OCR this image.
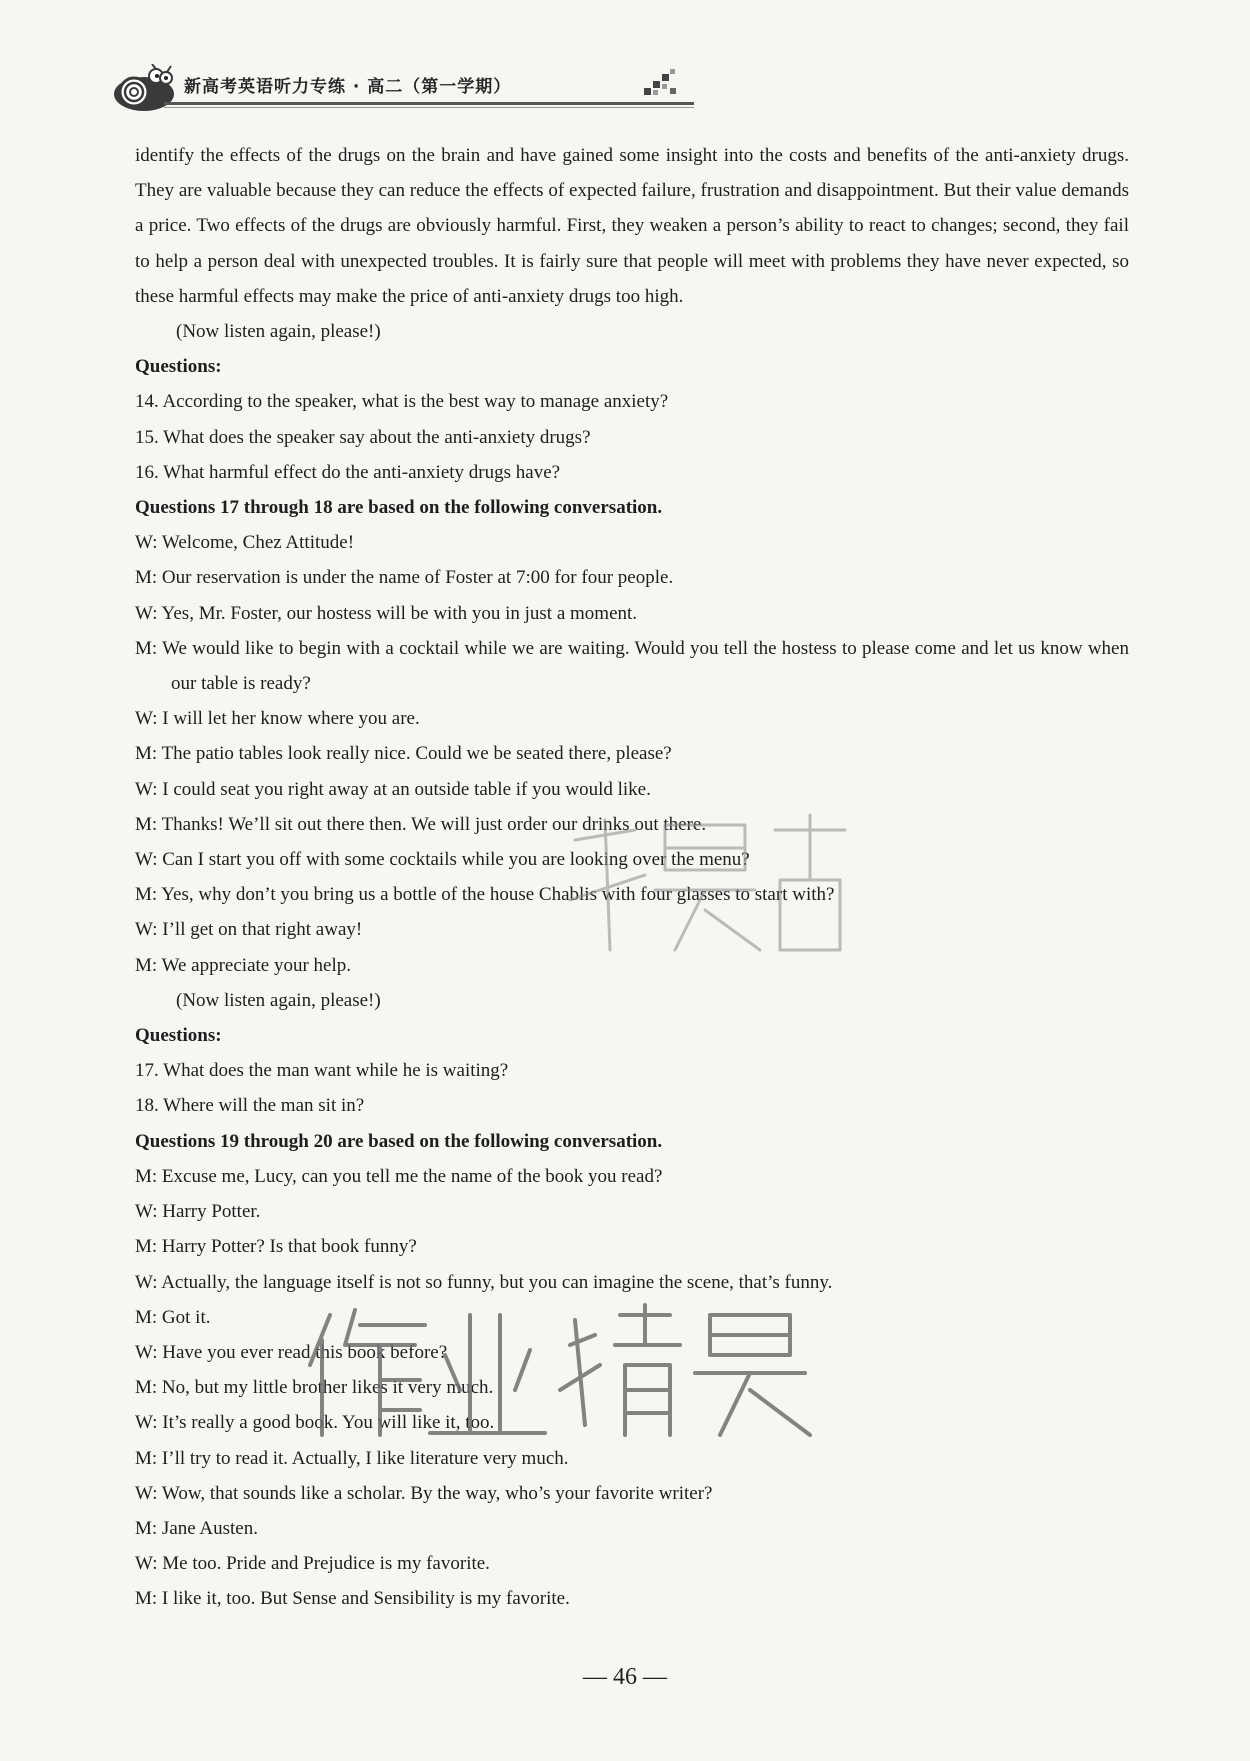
新高考英语听力专练 · 高二（第一学期）

identify the effects of the drugs on the brain and have gained some insight into the costs and benefits of the anti-anxiety drugs. They are valuable because they can reduce the effects of expected failure, frustration and disappointment. But their value demands a price. Two effects of the drugs are obviously harmful. First, they weaken a person’s ability to react to changes; second, they fail to help a person deal with unexpected troubles. It is fairly sure that people will meet with problems they have never expected, so these harmful effects may make the price of anti-anxiety drugs too high.

(Now listen again, please!)

Questions:

14. According to the speaker, what is the best way to manage anxiety?

15. What does the speaker say about the anti-anxiety drugs?

16. What harmful effect do the anti-anxiety drugs have?

Questions 17 through 18 are based on the following conversation.

W: Welcome, Chez Attitude!

M: Our reservation is under the name of Foster at 7:00 for four people.

W: Yes, Mr. Foster, our hostess will be with you in just a moment.

M: We would like to begin with a cocktail while we are waiting. Would you tell the hostess to please come and let us know when our table is ready?

W: I will let her know where you are.

M: The patio tables look really nice. Could we be seated there, please?

W: I could seat you right away at an outside table if you would like.

M: Thanks! We’ll sit out there then. We will just order our drinks out there.

W: Can I start you off with some cocktails while you are looking over the menu?

M: Yes, why don’t you bring us a bottle of the house Chablis with four glasses to start with?

W: I’ll get on that right away!

M: We appreciate your help.

(Now listen again, please!)

Questions:

17. What does the man want while he is waiting?

18. Where will the man sit in?

Questions 19 through 20 are based on the following conversation.

M: Excuse me, Lucy, can you tell me the name of the book you read?

W: Harry Potter.

M: Harry Potter? Is that book funny?

W: Actually, the language itself is not so funny, but you can imagine the scene, that’s funny.

M: Got it.

W: Have you ever read this book before?

M: No, but my little brother likes it very much.

W: It’s really a good book. You will like it, too.

M: I’ll try to read it. Actually, I like literature very much.

W: Wow, that sounds like a scholar. By the way, who’s your favorite writer?

M: Jane Austen.

W: Me too. Pride and Prejudice is my favorite.

M: I like it, too. But Sense and Sensibility is my favorite.

— 46 —
